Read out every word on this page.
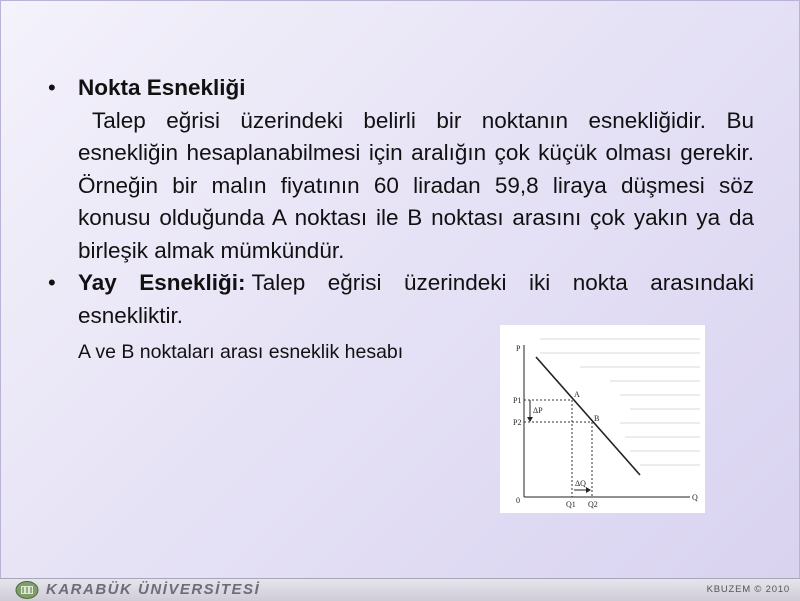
• Nokta Esnekliği
Talep eğrisi üzerindeki belirli bir noktanın esnekliğidir. Bu esnekliğin hesaplanabilmesi için aralığın çok küçük olması gerekir. Örneğin bir malın fiyatının 60 liradan 59,8 liraya düşmesi söz konusu olduğunda A noktası ile B noktası arasını çok yakın ya da birleşik almak mümkündür.
• Yay Esnekliği: Talep eğrisi üzerindeki iki nokta arasındaki esnekliktir.
A ve B noktaları arası esneklik hesabı	P
Q
0
P1
P2
Q1 Q2
A
B
ΔP
ΔQ
KARABÜK ÜNİVERSİTESİ	KBUZEM © 2010
